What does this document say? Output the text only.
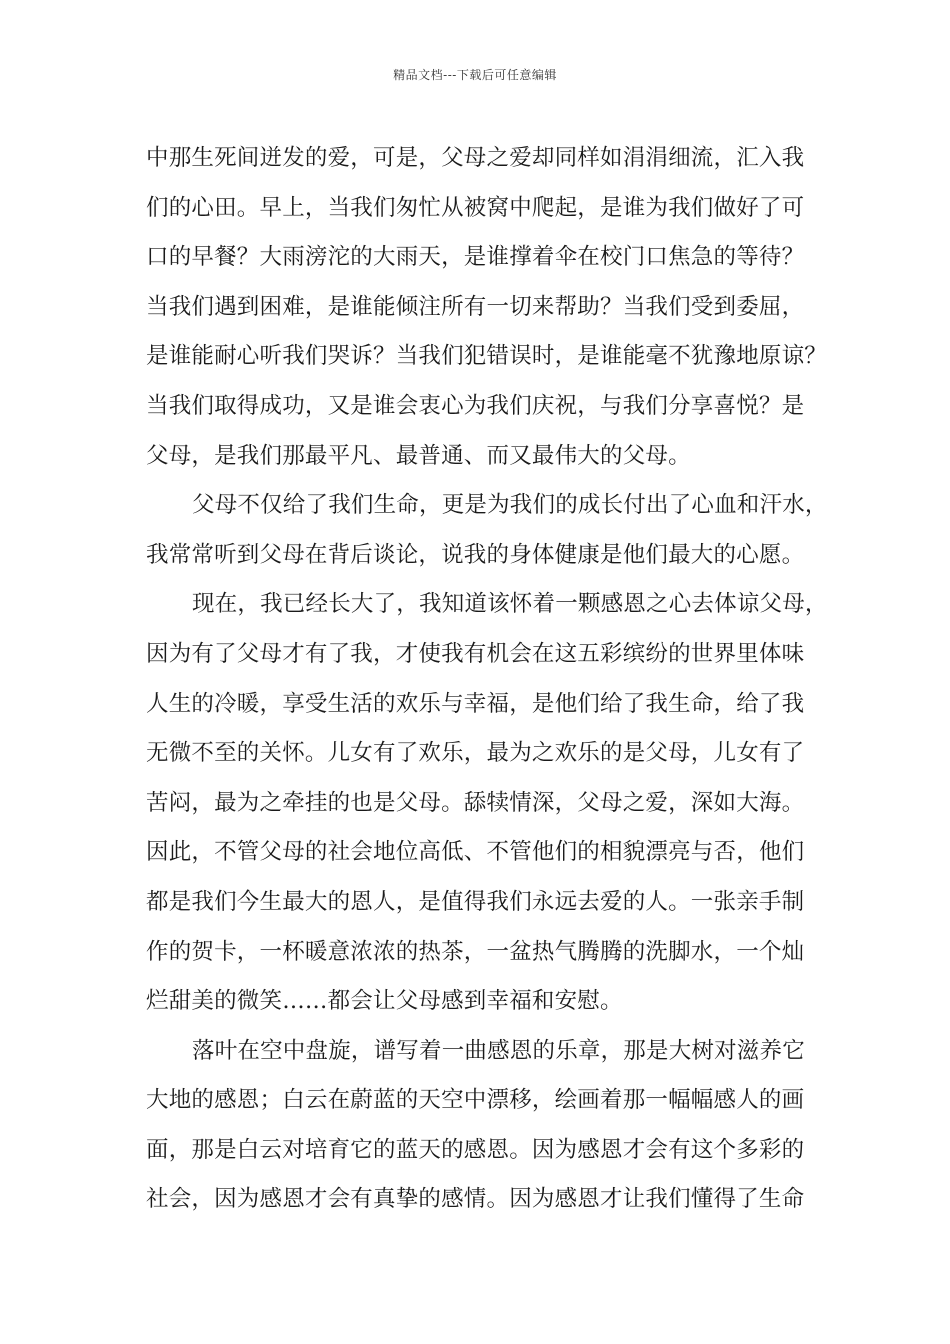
精品文档---下载后可任意编辑
中那生死间迸发的爱，可是，父母之爱却同样如涓涓细流，汇入我
们的心田。早上，当我们匆忙从被窝中爬起，是谁为我们做好了可
口的早餐？大雨滂沱的大雨天，是谁撑着伞在校门口焦急的等待？
当我们遇到困难，是谁能倾注所有一切来帮助？当我们受到委屈，
是谁能耐心听我们哭诉？当我们犯错误时，是谁能毫不犹豫地原谅？
当我们取得成功，又是谁会衷心为我们庆祝，与我们分享喜悦？是
父母，是我们那最平凡、最普通、而又最伟大的父母。
父母不仅给了我们生命，更是为我们的成长付出了心血和汗水，
我常常听到父母在背后谈论，说我的身体健康是他们最大的心愿。
现在，我已经长大了，我知道该怀着一颗感恩之心去体谅父母，
因为有了父母才有了我，才使我有机会在这五彩缤纷的世界里体味
人生的冷暖，享受生活的欢乐与幸福，是他们给了我生命，给了我
无微不至的关怀。儿女有了欢乐，最为之欢乐的是父母，儿女有了
苦闷，最为之牵挂的也是父母。舔犊情深，父母之爱，深如大海。
因此，不管父母的社会地位高低、不管他们的相貌漂亮与否，他们
都是我们今生最大的恩人，是值得我们永远去爱的人。一张亲手制
作的贺卡，一杯暖意浓浓的热茶，一盆热气腾腾的洗脚水，一个灿
烂甜美的微笑……都会让父母感到幸福和安慰。
落叶在空中盘旋，谱写着一曲感恩的乐章，那是大树对滋养它
大地的感恩；白云在蔚蓝的天空中漂移，绘画着那一幅幅感人的画
面，那是白云对培育它的蓝天的感恩。因为感恩才会有这个多彩的
社会，因为感恩才会有真挚的感情。因为感恩才让我们懂得了生命
